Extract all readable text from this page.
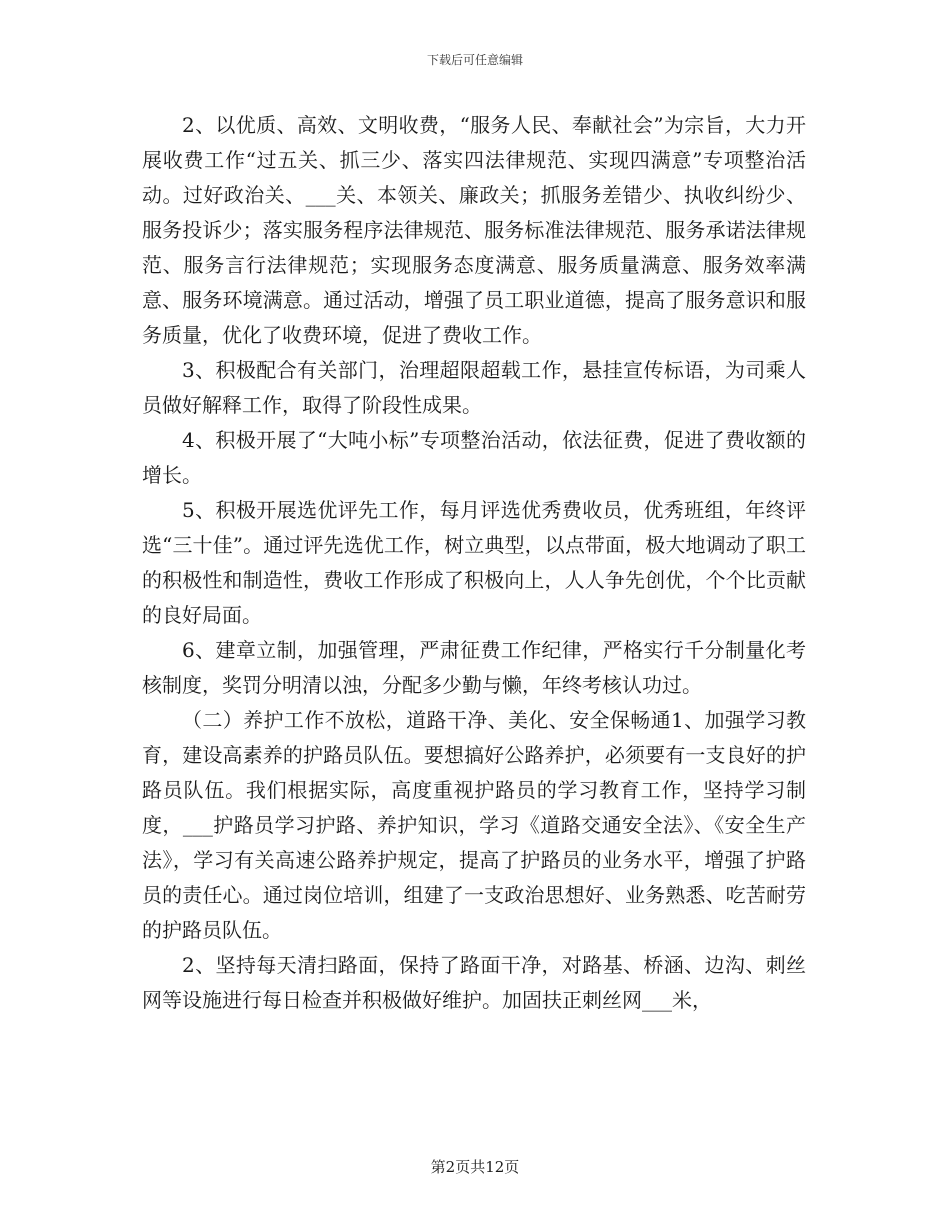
下载后可任意编辑

2、以优质、高效、文明收费，“服务人民、奉献社会”为宗旨，大力开展收费工作“过五关、抓三少、落实四法律规范、实现四满意”专项整治活动。过好政治关、___关、本领关、廉政关；抓服务差错少、执收纠纷少、服务投诉少；落实服务程序法律规范、服务标准法律规范、服务承诺法律规范、服务言行法律规范；实现服务态度满意、服务质量满意、服务效率满意、服务环境满意。通过活动，增强了员工职业道德，提高了服务意识和服务质量，优化了收费环境，促进了费收工作。

3、积极配合有关部门，治理超限超载工作，悬挂宣传标语，为司乘人员做好解释工作，取得了阶段性成果。

4、积极开展了“大吨小标”专项整治活动，依法征费，促进了费收额的增长。

5、积极开展选优评先工作，每月评选优秀费收员，优秀班组，年终评选“三十佳”。通过评先选优工作，树立典型，以点带面，极大地调动了职工的积极性和制造性，费收工作形成了积极向上，人人争先创优，个个比贡献的良好局面。

6、建章立制，加强管理，严肃征费工作纪律，严格实行千分制量化考核制度，奖罚分明清以浊，分配多少勤与懒，年终考核认功过。

（二）养护工作不放松，道路干净、美化、安全保畅通1、加强学习教育，建设高素养的护路员队伍。要想搞好公路养护，必须要有一支良好的护路员队伍。我们根据实际，高度重视护路员的学习教育工作，坚持学习制度，___护路员学习护路、养护知识，学习《道路交通安全法》、《安全生产法》，学习有关高速公路养护规定，提高了护路员的业务水平，增强了护路员的责任心。通过岗位培训，组建了一支政治思想好、业务熟悉、吃苦耐劳的护路员队伍。

2、坚持每天清扫路面，保持了路面干净，对路基、桥涵、边沟、刺丝网等设施进行每日检查并积极做好维护。加固扶正刺丝网___米，

第2页共12页
